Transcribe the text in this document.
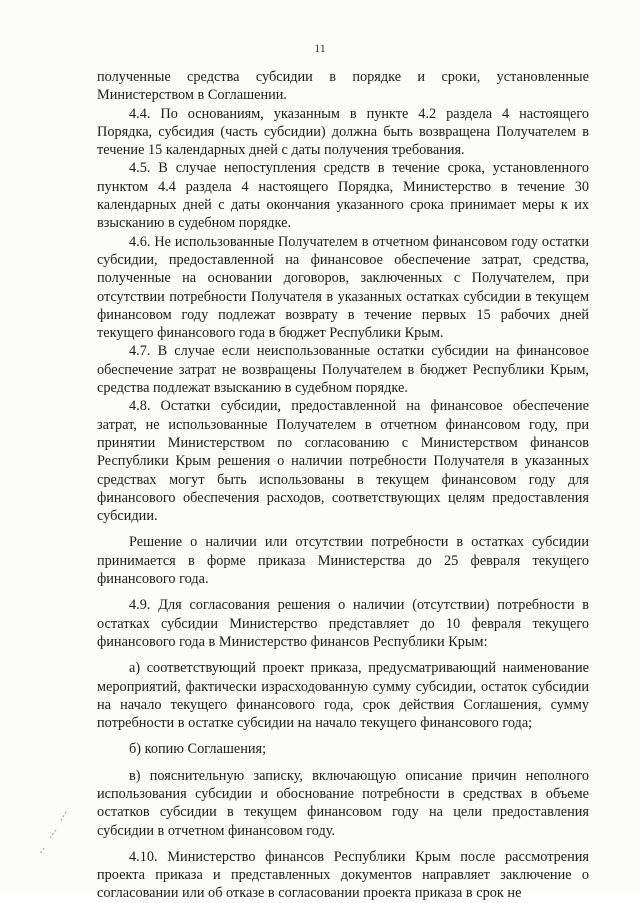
11

полученные средства субсидии в порядке и сроки, установленные Министерством в Соглашении.

4.4. По основаниям, указанным в пункте 4.2 раздела 4 настоящего Порядка, субсидия (часть субсидии) должна быть возвращена Получателем в течение 15 календарных дней с даты получения требования.

4.5. В случае непоступления средств в течение срока, установленного пунктом 4.4 раздела 4 настоящего Порядка, Министерство в течение 30 календарных дней с даты окончания указанного срока принимает меры к их взысканию в судебном порядке.

4.6. Не использованные Получателем в отчетном финансовом году остатки субсидии, предоставленной на финансовое обеспечение затрат, средства, полученные на основании договоров, заключенных с Получателем, при отсутствии потребности Получателя в указанных остатках субсидии в текущем финансовом году подлежат возврату в течение первых 15 рабочих дней текущего финансового года в бюджет Республики Крым.

4.7. В случае если неиспользованные остатки субсидии на финансовое обеспечение затрат не возвращены Получателем в бюджет Республики Крым, средства подлежат взысканию в судебном порядке.

4.8. Остатки субсидии, предоставленной на финансовое обеспечение затрат, не использованные Получателем в отчетном финансовом году, при принятии Министерством по согласованию с Министерством финансов Республики Крым решения о наличии потребности Получателя в указанных средствах могут быть использованы в текущем финансовом году для финансового обеспечения расходов, соответствующих целям предоставления субсидии.

Решение о наличии или отсутствии потребности в остатках субсидии принимается в форме приказа Министерства до 25 февраля текущего финансового года.

4.9. Для согласования решения о наличии (отсутствии) потребности в остатках субсидии Министерство представляет до 10 февраля текущего финансового года в Министерство финансов Республики Крым:

а) соответствующий проект приказа, предусматривающий наименование мероприятий, фактически израсходованную сумму субсидии, остаток субсидии на начало текущего финансового года, срок действия Соглашения, сумму потребности в остатке субсидии на начало текущего финансового года;

б) копию Соглашения;

в) пояснительную записку, включающую описание причин неполного использования субсидии и обоснование потребности в средствах в объеме остатков субсидии в текущем финансовом году на цели предоставления субсидии в отчетном финансовом году.

4.10. Министерство финансов Республики Крым после рассмотрения проекта приказа и представленных документов направляет заключение о согласовании или об отказе в согласовании проекта приказа в срок не
